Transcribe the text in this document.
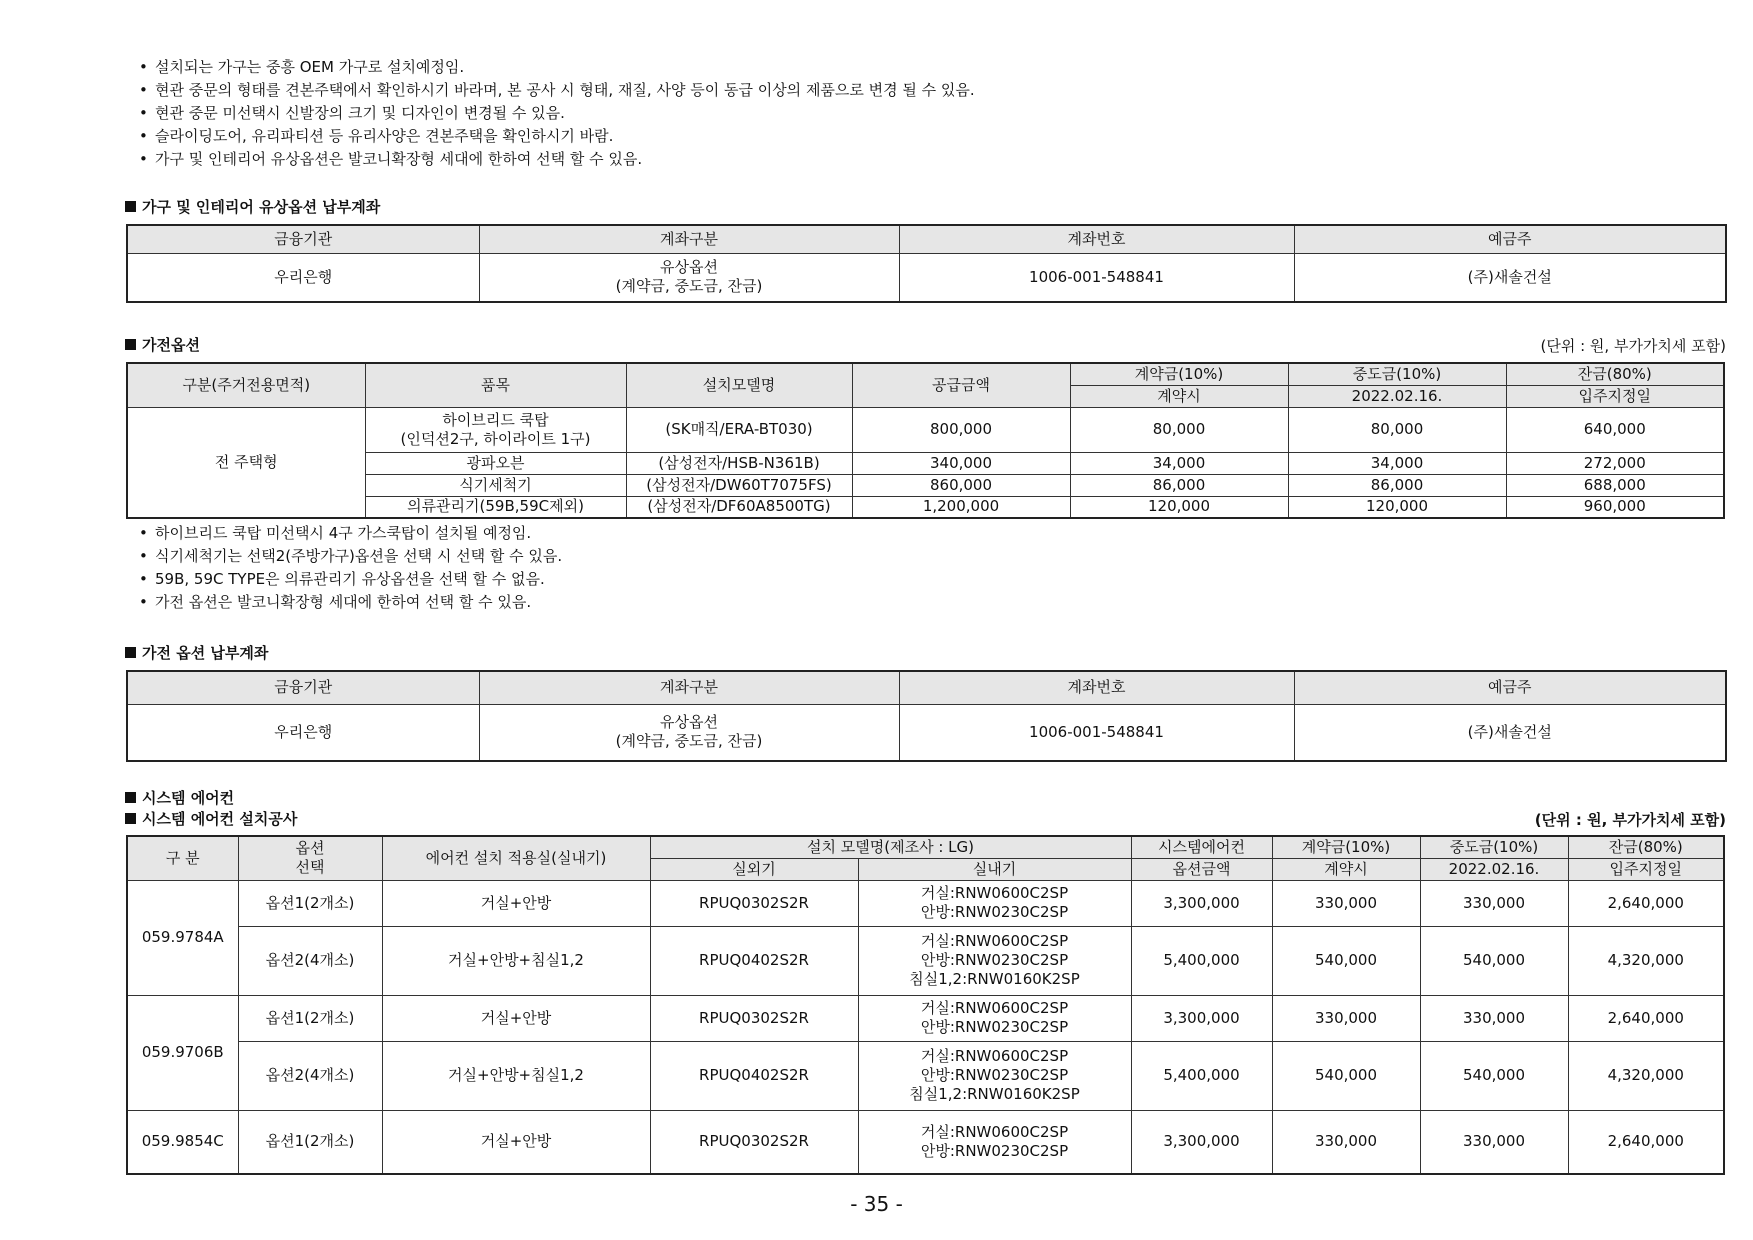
• 설치되는 가구는 중흥 OEM 가구로 설치예정임.
• 현관 중문의 형태를 견본주택에서 확인하시기 바라며, 본 공사 시 형태, 재질, 사양 등이 동급 이상의 제품으로 변경 될 수 있음.
• 현관 중문 미선택시 신발장의 크기 및 디자인이 변경될 수 있음.
• 슬라이딩도어, 유리파티션 등 유리사양은 견본주택을 확인하시기 바람.
• 가구 및 인테리어 유상옵션은 발코니확장형 세대에 한하여 선택 할 수 있음.
가구 및 인테리어 유상옵션 납부계좌
금융기관	계좌구분	계좌번호	예금주
우리은행	유상옵션
(계약금, 중도금, 잔금)	1006-001-548841	(주)새솔건설
가전옵션	(단위 : 원, 부가가치세 포함)
구분(주거전용면적)	품목	설치모델명	공급금액	계약금(10%)	중도금(10%)	잔금(80%)
				계약시	2022.02.16.	입주지정일
전 주택형	하이브리드 쿡탑
(인덕션2구, 하이라이트 1구)	(SK매직/ERA-BT030)	800,000	80,000	80,000	640,000
	광파오븐	(삼성전자/HSB-N361B)	340,000	34,000	34,000	272,000
	식기세척기	(삼성전자/DW60T7075FS)	860,000	86,000	86,000	688,000
	의류관리기(59B,59C제외)	(삼성전자/DF60A8500TG)	1,200,000	120,000	120,000	960,000
• 하이브리드 쿡탑 미선택시 4구 가스쿡탑이 설치될 예정임.
• 식기세척기는 선택2(주방가구)옵션을 선택 시 선택 할 수 있음.
• 59B, 59C TYPE은 의류관리기 유상옵션을 선택 할 수 없음.
• 가전 옵션은 발코니확장형 세대에 한하여 선택 할 수 있음.
가전 옵션 납부계좌
금융기관	계좌구분	계좌번호	예금주
우리은행	유상옵션
(계약금, 중도금, 잔금)	1006-001-548841	(주)새솔건설
시스템 에어컨
시스템 에어컨 설치공사	(단위 : 원, 부가가치세 포함)
구 분	옵션
선택	에어컨 설치 적용실(실내기)	설치 모델명(제조사 : LG)		시스템에어컨	계약금(10%)	중도금(10%)	잔금(80%)
			실외기	실내기	옵션금액	계약시	2022.02.16.	입주지정일
059.9784A	옵션1(2개소)	거실+안방	RPUQ0302S2R	거실:RNW0600C2SP
안방:RNW0230C2SP	3,300,000	330,000	330,000	2,640,000
	옵션2(4개소)	거실+안방+침실1,2	RPUQ0402S2R	거실:RNW0600C2SP
안방:RNW0230C2SP
침실1,2:RNW0160K2SP	5,400,000	540,000	540,000	4,320,000
059.9706B	옵션1(2개소)	거실+안방	RPUQ0302S2R	거실:RNW0600C2SP
안방:RNW0230C2SP	3,300,000	330,000	330,000	2,640,000
	옵션2(4개소)	거실+안방+침실1,2	RPUQ0402S2R	거실:RNW0600C2SP
안방:RNW0230C2SP
침실1,2:RNW0160K2SP	5,400,000	540,000	540,000	4,320,000
059.9854C	옵션1(2개소)	거실+안방	RPUQ0302S2R	거실:RNW0600C2SP
안방:RNW0230C2SP	3,300,000	330,000	330,000	2,640,000
- 35 -
